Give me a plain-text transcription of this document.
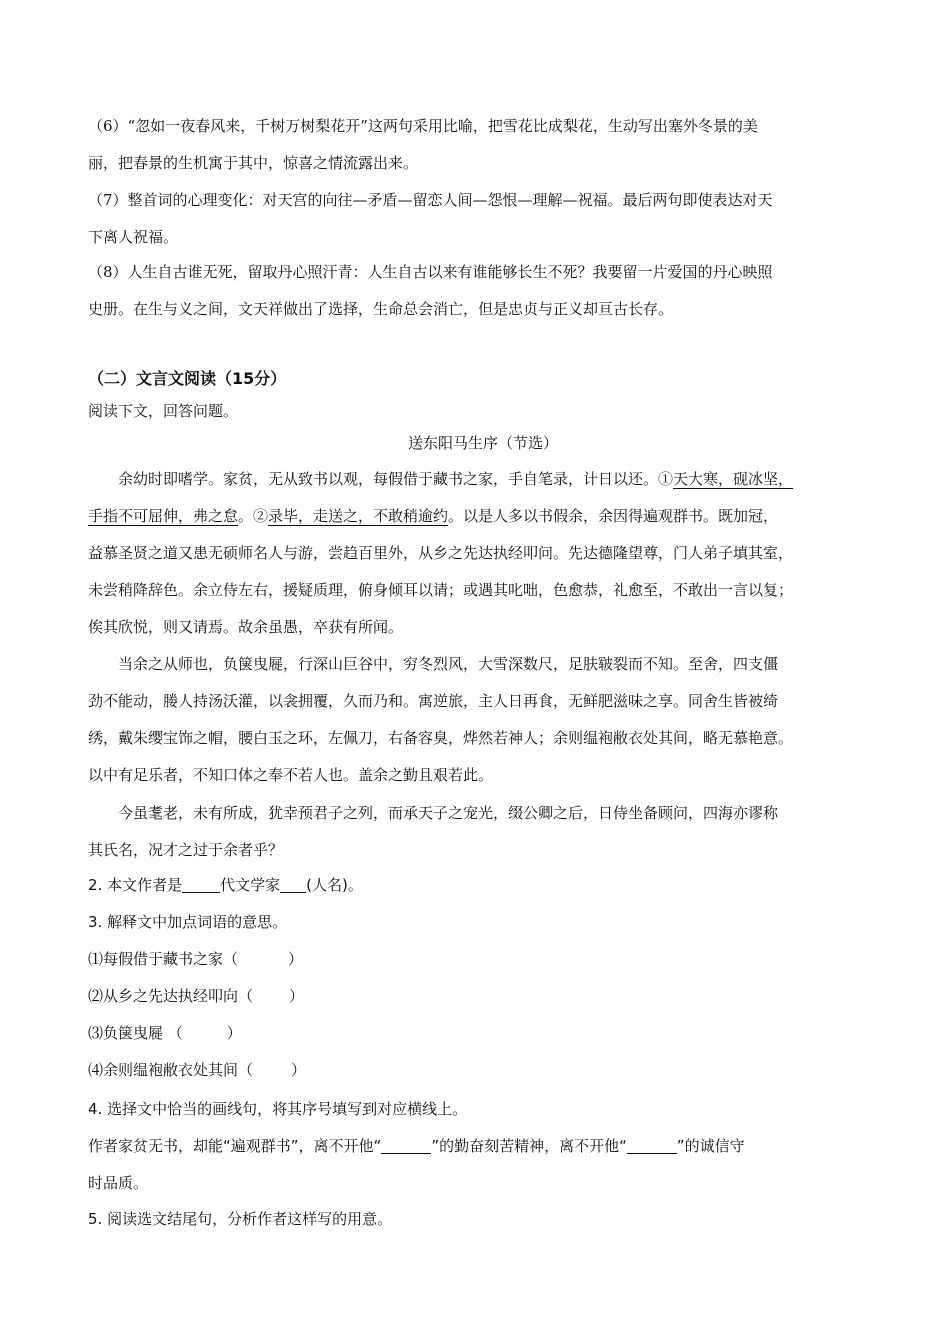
（6）“忽如一夜春风来，千树万树梨花开”这两句采用比喻，把雪花比成梨花，生动写出塞外冬景的美
丽，把春景的生机寓于其中，惊喜之情流露出来。
（7）整首词的心理变化：对天宫的向往—矛盾—留恋人间—怨恨—理解—祝福。最后两句即使表达对天
下离人祝福。
（8）人生自古谁无死，留取丹心照汗青：人生自古以来有谁能够长生不死？我要留一片爱国的丹心映照
史册。在生与义之间，文天祥做出了选择，生命总会消亡，但是忠贞与正义却亘古长存。
（二）文言文阅读（15分）
阅读下文，回答问题。
送东阳马生序（节选）
余幼时即嗜学。家贫，无从致书以观，每假借于藏书之家，手自笔录，计日以还。①天大寒，砚冰坚，
手指不可屈伸，弗之怠。②录毕，走送之，不敢稍逾约。以是人多以书假余，余因得遍观群书。既加冠，
益慕圣贤之道又患无硕师名人与游，尝趋百里外，从乡之先达执经叩问。先达德隆望尊，门人弟子填其室，
未尝稍降辞色。余立侍左右，援疑质理，俯身倾耳以请；或遇其叱咄，色愈恭，礼愈至，不敢出一言以复；
俟其欣悦，则又请焉。故余虽愚，卒获有所闻。
当余之从师也，负箧曳屣，行深山巨谷中，穷冬烈风，大雪深数尺，足肤皲裂而不知。至舍，四支僵
劲不能动，媵人持汤沃灌，以衾拥覆，久而乃和。寓逆旅，主人日再食，无鲜肥滋味之享。同舍生皆被绮
绣，戴朱缨宝饰之帽，腰白玉之环，左佩刀，右备容臭，烨然若神人；余则缊袍敝衣处其间，略无慕艳意。
以中有足乐者，不知口体之奉不若人也。盖余之勤且艰若此。
今虽耄老，未有所成，犹幸预君子之列，而承天子之宠光，缀公卿之后，日侍坐备顾问，四海亦谬称
其氏名，况才之过于余者乎？
2. 本文作者是	代文学家 (人名)。
3. 解释文中加点词语的意思。
⑴每假借于藏书之家（	）
⑵从乡之先达执经叩向（ ）
⑶负箧曳屣 （	）
⑷余则缊袍敝衣处其间（	）
4. 选择文中恰当的画线句，将其序号填写到对应横线上。
作者家贫无书，却能“遍观群书”，离不开他“	”的勤奋刻苦精神，离不开他“	”的诚信守
时品质。
5. 阅读选文结尾句，分析作者这样写的用意。
